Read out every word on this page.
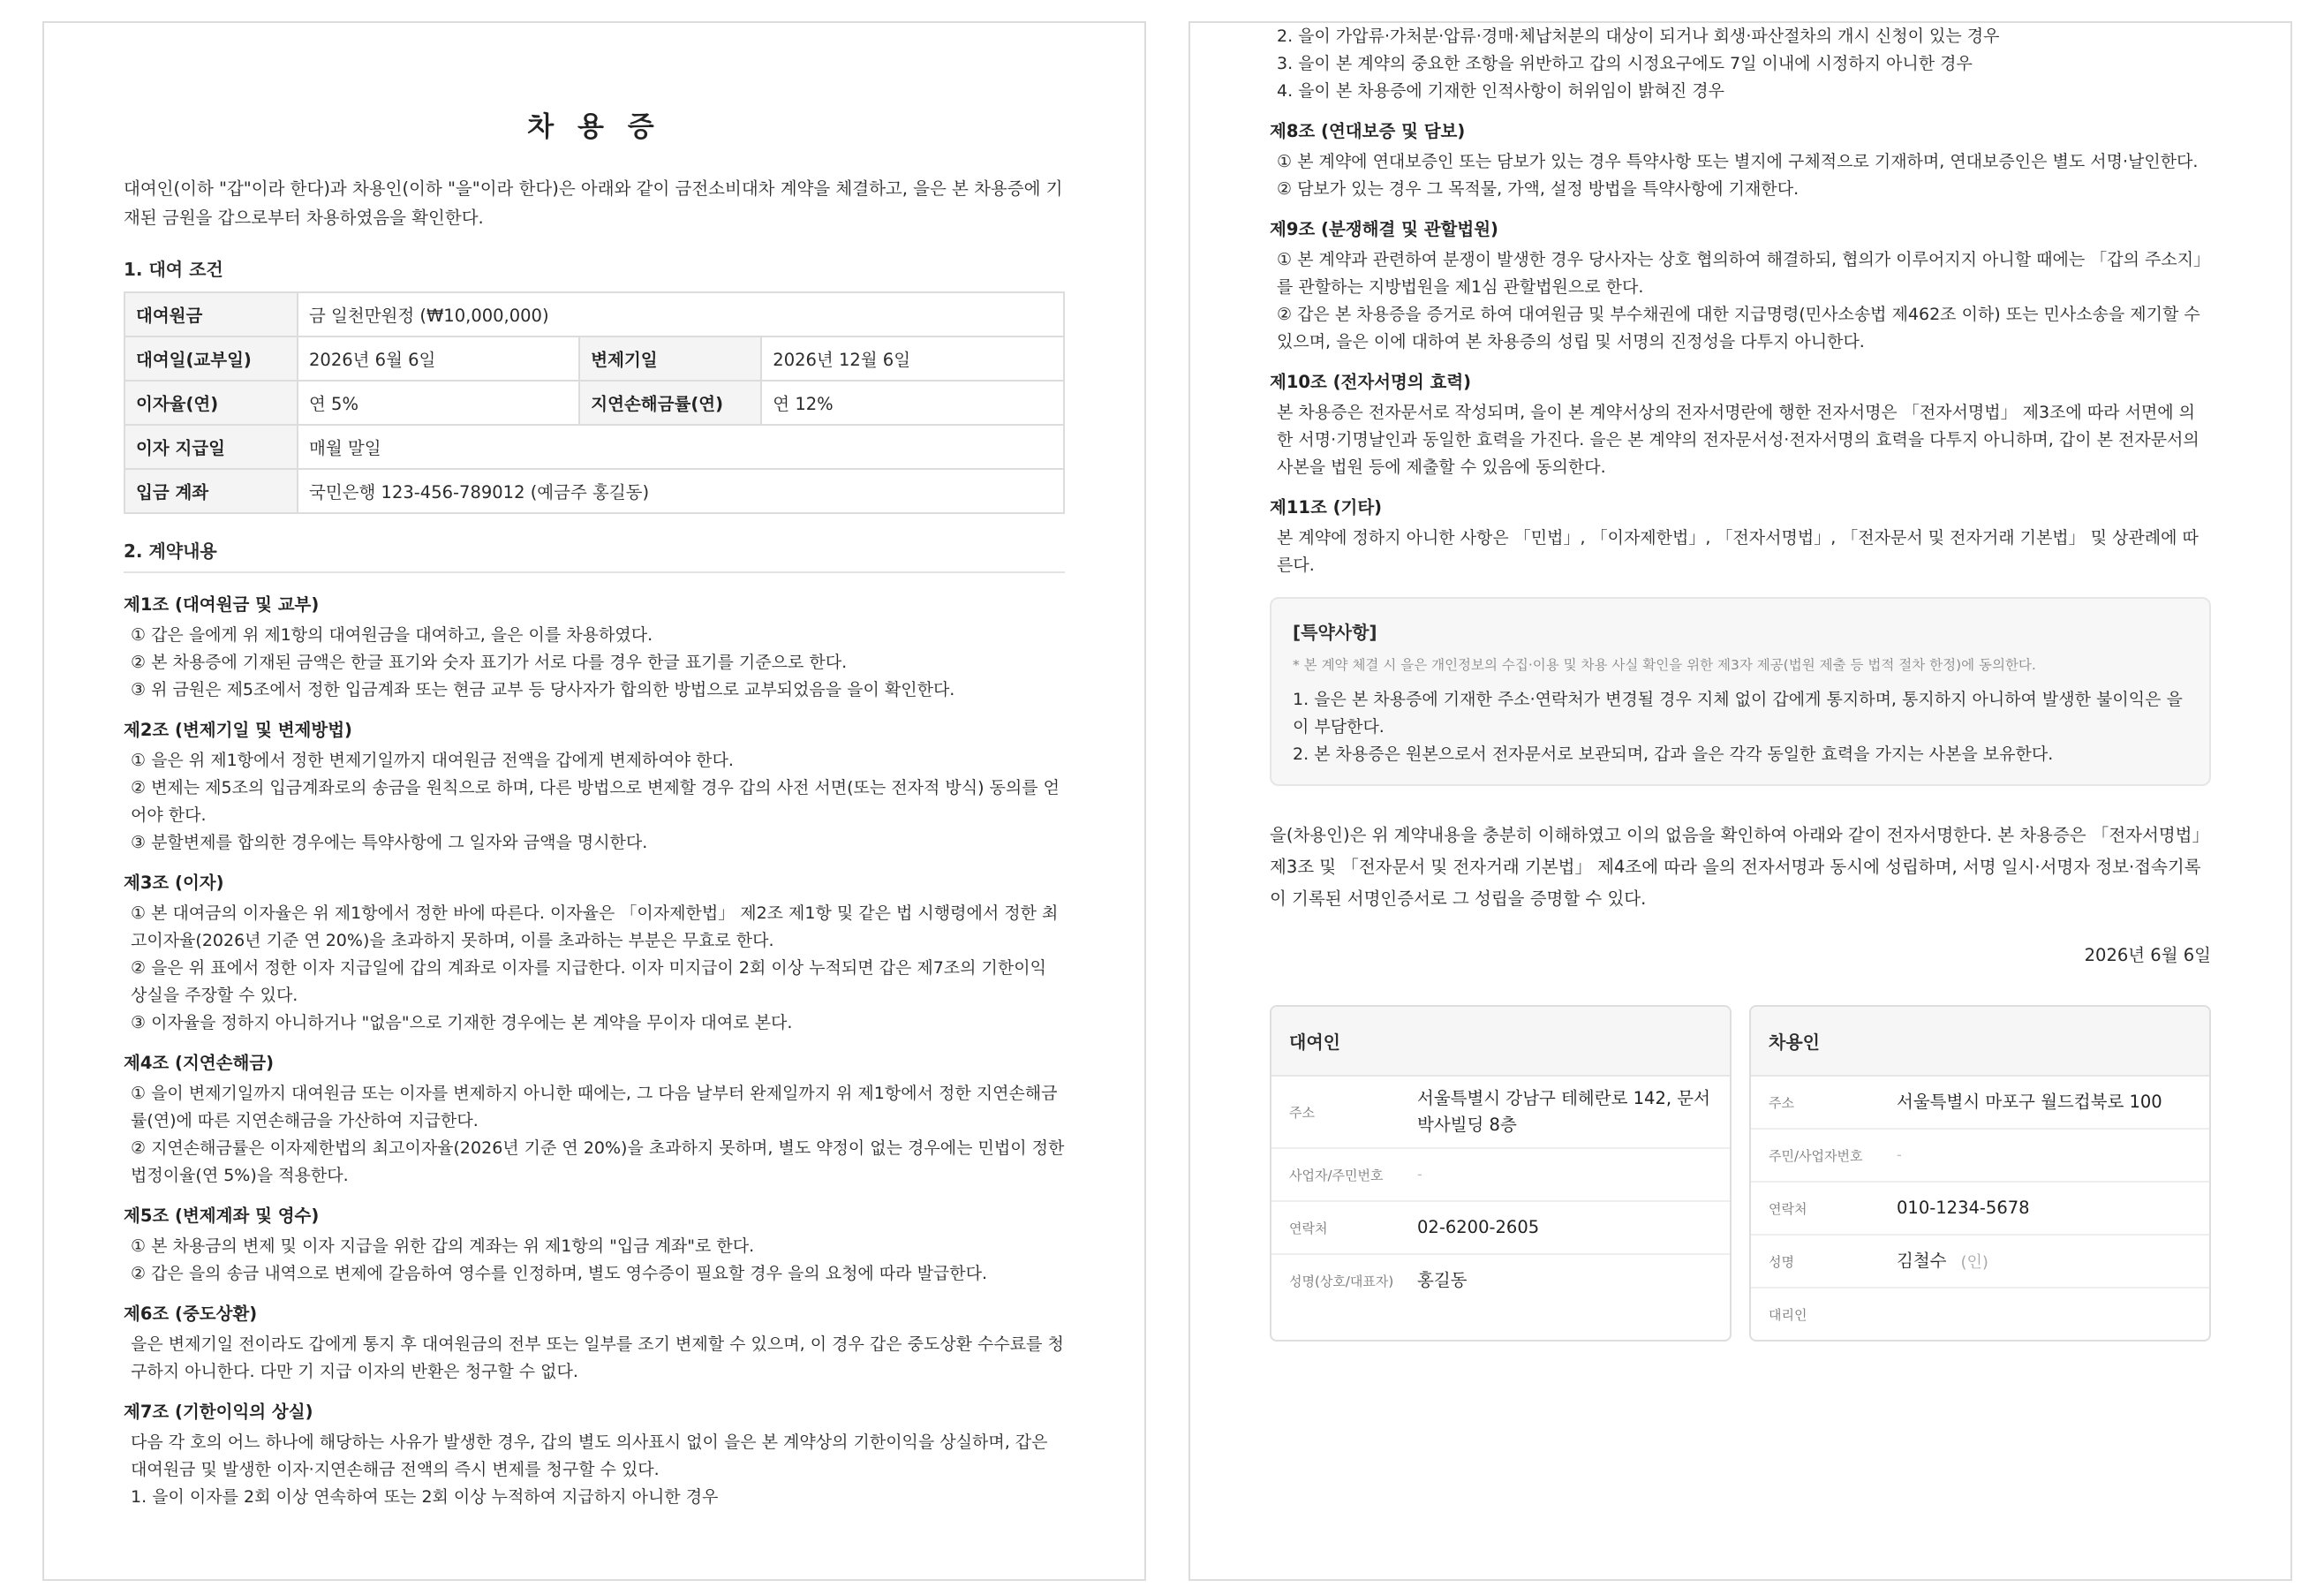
차 용 증

대여인(이하 "갑"이라 한다)과 차용인(이하 "을"이라 한다)은 아래와 같이 금전소비대차 계약을 체결하고, 을은 본 차용증에 기재된 금원을 갑으로부터 차용하였음을 확인한다.

1. 대여 조건
대여원금	금 일천만원정 (₩10,000,000)		
대여일(교부일)	2026년 6월 6일	변제기일	2026년 12월 6일
이자율(연)	연 5%	지연손해금률(연)	연 12%
이자 지급일	매월 말일		
입금 계좌	국민은행 123-456-789012 (예금주 홍길동)		
2. 계약내용
제1조 (대여원금 및 교부)

① 갑은 을에게 위 제1항의 대여원금을 대여하고, 을은 이를 차용하였다.

② 본 차용증에 기재된 금액은 한글 표기와 숫자 표기가 서로 다를 경우 한글 표기를 기준으로 한다.

③ 위 금원은 제5조에서 정한 입금계좌 또는 현금 교부 등 당사자가 합의한 방법으로 교부되었음을 을이 확인한다.

제2조 (변제기일 및 변제방법)

① 을은 위 제1항에서 정한 변제기일까지 대여원금 전액을 갑에게 변제하여야 한다.

② 변제는 제5조의 입금계좌로의 송금을 원칙으로 하며, 다른 방법으로 변제할 경우 갑의 사전 서면(또는 전자적 방식) 동의를 얻어야 한다.

③ 분할변제를 합의한 경우에는 특약사항에 그 일자와 금액을 명시한다.

제3조 (이자)

① 본 대여금의 이자율은 위 제1항에서 정한 바에 따른다. 이자율은 「이자제한법」 제2조 제1항 및 같은 법 시행령에서 정한 최고이자율(2026년 기준 연 20%)을 초과하지 못하며, 이를 초과하는 부분은 무효로 한다.

② 을은 위 표에서 정한 이자 지급일에 갑의 계좌로 이자를 지급한다. 이자 미지급이 2회 이상 누적되면 갑은 제7조의 기한이익 상실을 주장할 수 있다.

③ 이자율을 정하지 아니하거나 "없음"으로 기재한 경우에는 본 계약을 무이자 대여로 본다.

제4조 (지연손해금)

① 을이 변제기일까지 대여원금 또는 이자를 변제하지 아니한 때에는, 그 다음 날부터 완제일까지 위 제1항에서 정한 지연손해금률(연)에 따른 지연손해금을 가산하여 지급한다.

② 지연손해금률은 이자제한법의 최고이자율(2026년 기준 연 20%)을 초과하지 못하며, 별도 약정이 없는 경우에는 민법이 정한 법정이율(연 5%)을 적용한다.

제5조 (변제계좌 및 영수)

① 본 차용금의 변제 및 이자 지급을 위한 갑의 계좌는 위 제1항의 "입금 계좌"로 한다.

② 갑은 을의 송금 내역으로 변제에 갈음하여 영수를 인정하며, 별도 영수증이 필요할 경우 을의 요청에 따라 발급한다.

제6조 (중도상환)

을은 변제기일 전이라도 갑에게 통지 후 대여원금의 전부 또는 일부를 조기 변제할 수 있으며, 이 경우 갑은 중도상환 수수료를 청구하지 아니한다. 다만 기 지급 이자의 반환은 청구할 수 없다.

제7조 (기한이익의 상실)

다음 각 호의 어느 하나에 해당하는 사유가 발생한 경우, 갑의 별도 의사표시 없이 을은 본 계약상의 기한이익을 상실하며, 갑은 대여원금 및 발생한 이자·지연손해금 전액의 즉시 변제를 청구할 수 있다.

1. 을이 이자를 2회 이상 연속하여 또는 2회 이상 누적하여 지급하지 아니한 경우

2. 을이 가압류·가처분·압류·경매·체납처분의 대상이 되거나 회생·파산절차의 개시 신청이 있는 경우

3. 을이 본 계약의 중요한 조항을 위반하고 갑의 시정요구에도 7일 이내에 시정하지 아니한 경우

4. 을이 본 차용증에 기재한 인적사항이 허위임이 밝혀진 경우

제8조 (연대보증 및 담보)

① 본 계약에 연대보증인 또는 담보가 있는 경우 특약사항 또는 별지에 구체적으로 기재하며, 연대보증인은 별도 서명·날인한다.

② 담보가 있는 경우 그 목적물, 가액, 설정 방법을 특약사항에 기재한다.

제9조 (분쟁해결 및 관할법원)

① 본 계약과 관련하여 분쟁이 발생한 경우 당사자는 상호 협의하여 해결하되, 협의가 이루어지지 아니할 때에는 「갑의 주소지」를 관할하는 지방법원을 제1심 관할법원으로 한다.

② 갑은 본 차용증을 증거로 하여 대여원금 및 부수채권에 대한 지급명령(민사소송법 제462조 이하) 또는 민사소송을 제기할 수 있으며, 을은 이에 대하여 본 차용증의 성립 및 서명의 진정성을 다투지 아니한다.

제10조 (전자서명의 효력)

본 차용증은 전자문서로 작성되며, 을이 본 계약서상의 전자서명란에 행한 전자서명은 「전자서명법」 제3조에 따라 서면에 의한 서명·기명날인과 동일한 효력을 가진다. 을은 본 계약의 전자문서성·전자서명의 효력을 다투지 아니하며, 갑이 본 전자문서의 사본을 법원 등에 제출할 수 있음에 동의한다.

제11조 (기타)

본 계약에 정하지 아니한 사항은 「민법」, 「이자제한법」, 「전자서명법」, 「전자문서 및 전자거래 기본법」 및 상관례에 따른다.

[특약사항]
* 본 계약 체결 시 을은 개인정보의 수집·이용 및 차용 사실 확인을 위한 제3자 제공(법원 제출 등 법적 절차 한정)에 동의한다.
1. 을은 본 차용증에 기재한 주소·연락처가 변경될 경우 지체 없이 갑에게 통지하며, 통지하지 아니하여 발생한 불이익은 을이 부담한다.
2. 본 차용증은 원본으로서 전자문서로 보관되며, 갑과 을은 각각 동일한 효력을 가지는 사본을 보유한다.

을(차용인)은 위 계약내용을 충분히 이해하였고 이의 없음을 확인하여 아래와 같이 전자서명한다. 본 차용증은 「전자서명법」 제3조 및 「전자문서 및 전자거래 기본법」 제4조에 따라 을의 전자서명과 동시에 성립하며, 서명 일시·서명자 정보·접속기록이 기록된 서명인증서로 그 성립을 증명할 수 있다.

2026년 6월 6일
대여인
주소
서울특별시 강남구 테헤란로 142, 문서박사빌딩 8층
사업자/주민번호	-
연락처	02-6200-2605
성명(상호/대표자)	홍길동
차용인
주소	서울특별시 마포구 월드컵북로 100
주민/사업자번호	-
연락처	010-1234-5678
성명	김철수 (인)
대리인
